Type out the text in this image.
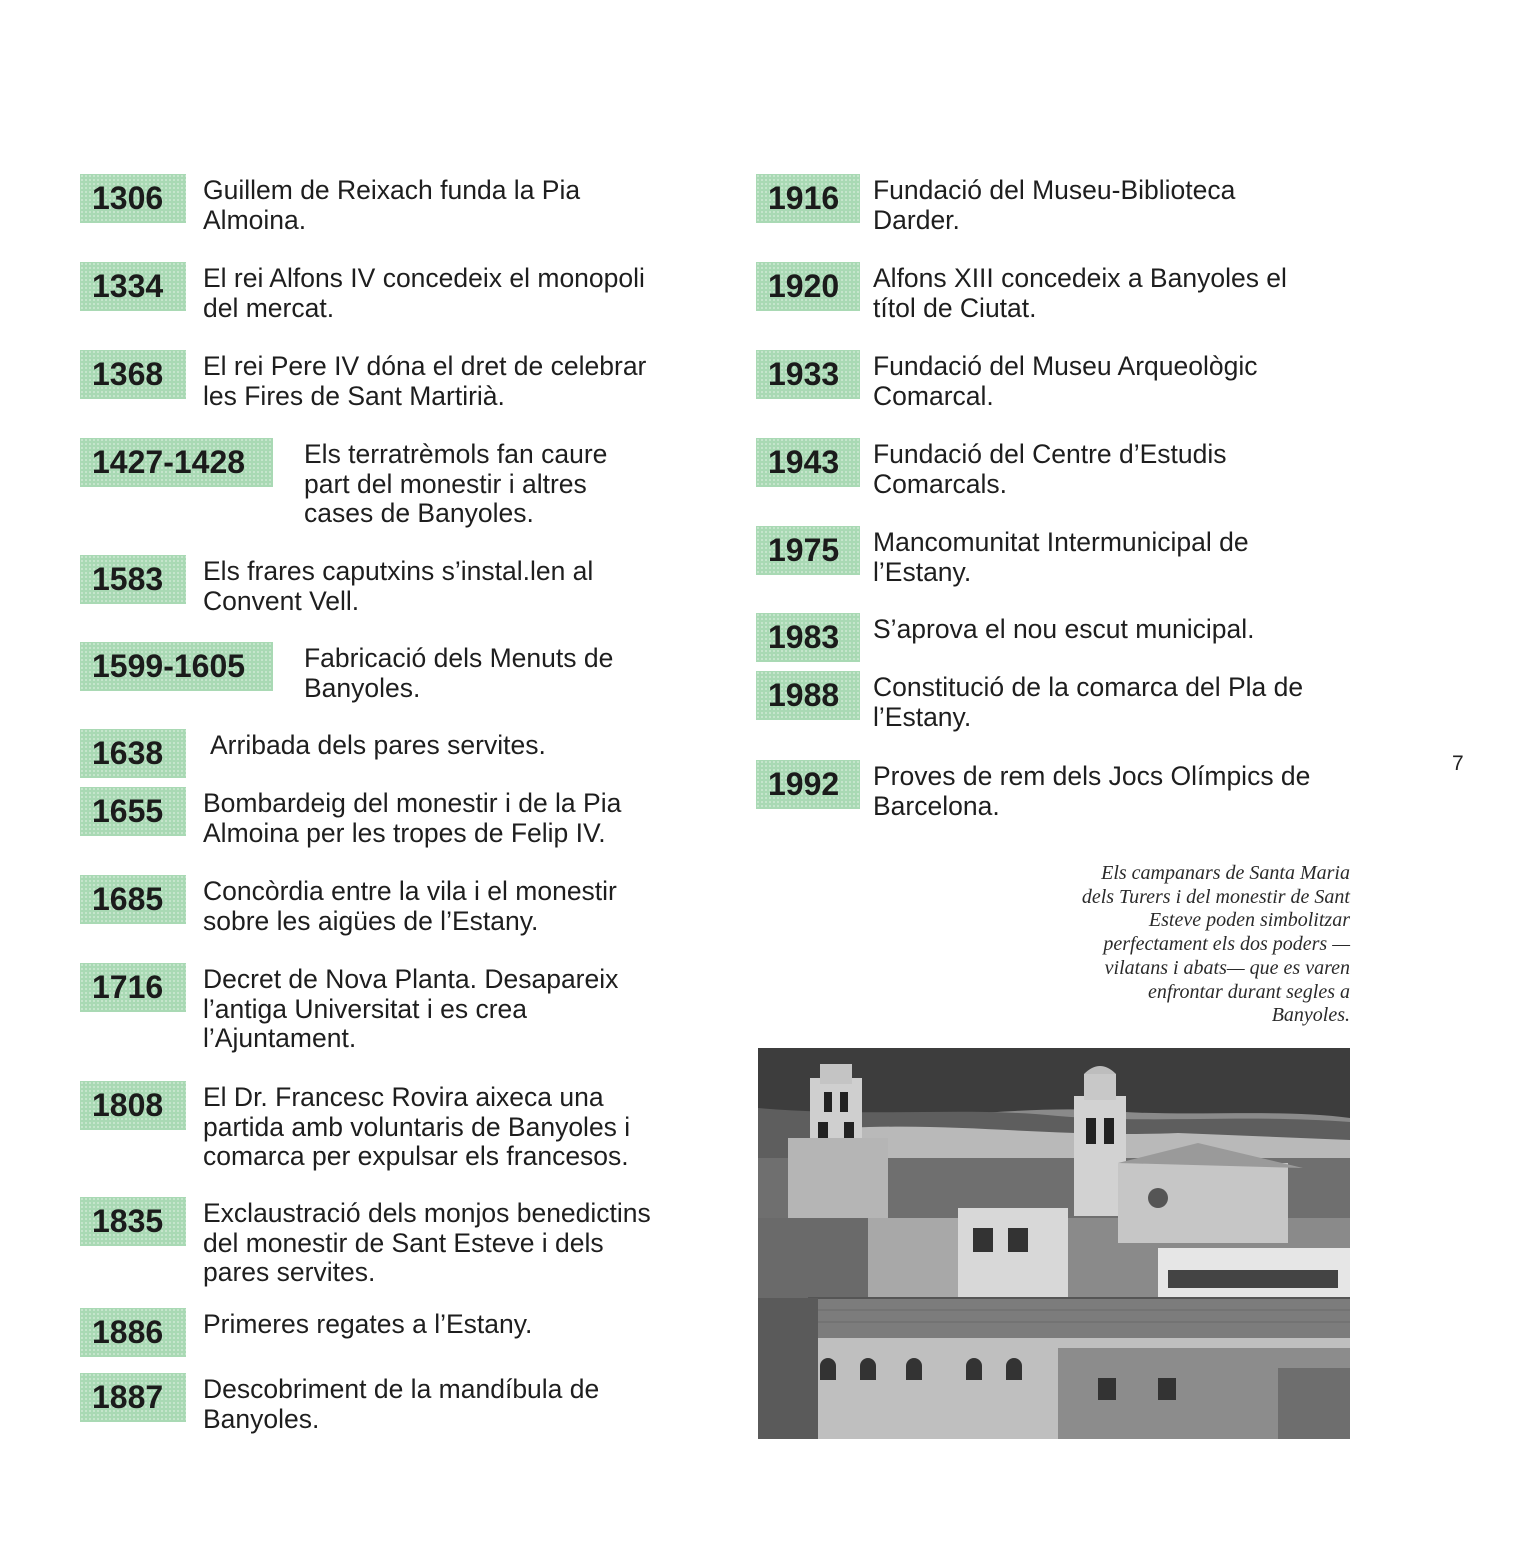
1306	Guillem de Reixach funda la Pia
Almoina.
1334	El rei Alfons IV concedeix el monopoli
del mercat.
1368	El rei Pere IV dóna el dret de celebrar
les Fires de Sant Martirià.
1427-1428	Els terratrèmols fan caure
part del monestir i altres
cases de Banyoles.
1583	Els frares caputxins s’instal.len al
Convent Vell.
1599-1605	Fabricació dels Menuts de
Banyoles.
1638	Arribada dels pares servites.
1655	Bombardeig del monestir i de la Pia
Almoina per les tropes de Felip IV.
1685	Concòrdia entre la vila i el monestir
sobre les aigües de l’Estany.
1716	Decret de Nova Planta. Desapareix
l’antiga Universitat i es crea
l’Ajuntament.
1808	El Dr. Francesc Rovira aixeca una
partida amb voluntaris de Banyoles i
comarca per expulsar els francesos.
1835	Exclaustració dels monjos benedictins
del monestir de Sant Esteve i dels
pares servites.
1886	Primeres regates a l’Estany.
1887	Descobriment de la mandíbula de
Banyoles.
1916	Fundació del Museu-Biblioteca
Darder.
1920	Alfons XIII concedeix a Banyoles el
títol de Ciutat.
1933	Fundació del Museu Arqueològic
Comarcal.
1943	Fundació del Centre d’Estudis
Comarcals.
1975	Mancomunitat Intermunicipal de
l’Estany.
1983	S’aprova el nou escut municipal.
1988	Constitució de la comarca del Pla de
l’Estany.
1992	Proves de rem dels Jocs Olímpics de
Barcelona.
7
Els campanars de Santa Maria
dels Turers i del monestir de Sant
Esteve poden simbolitzar
perfectament els dos poders —
vilatans i abats— que es varen
enfrontar durant segles a
Banyoles.
